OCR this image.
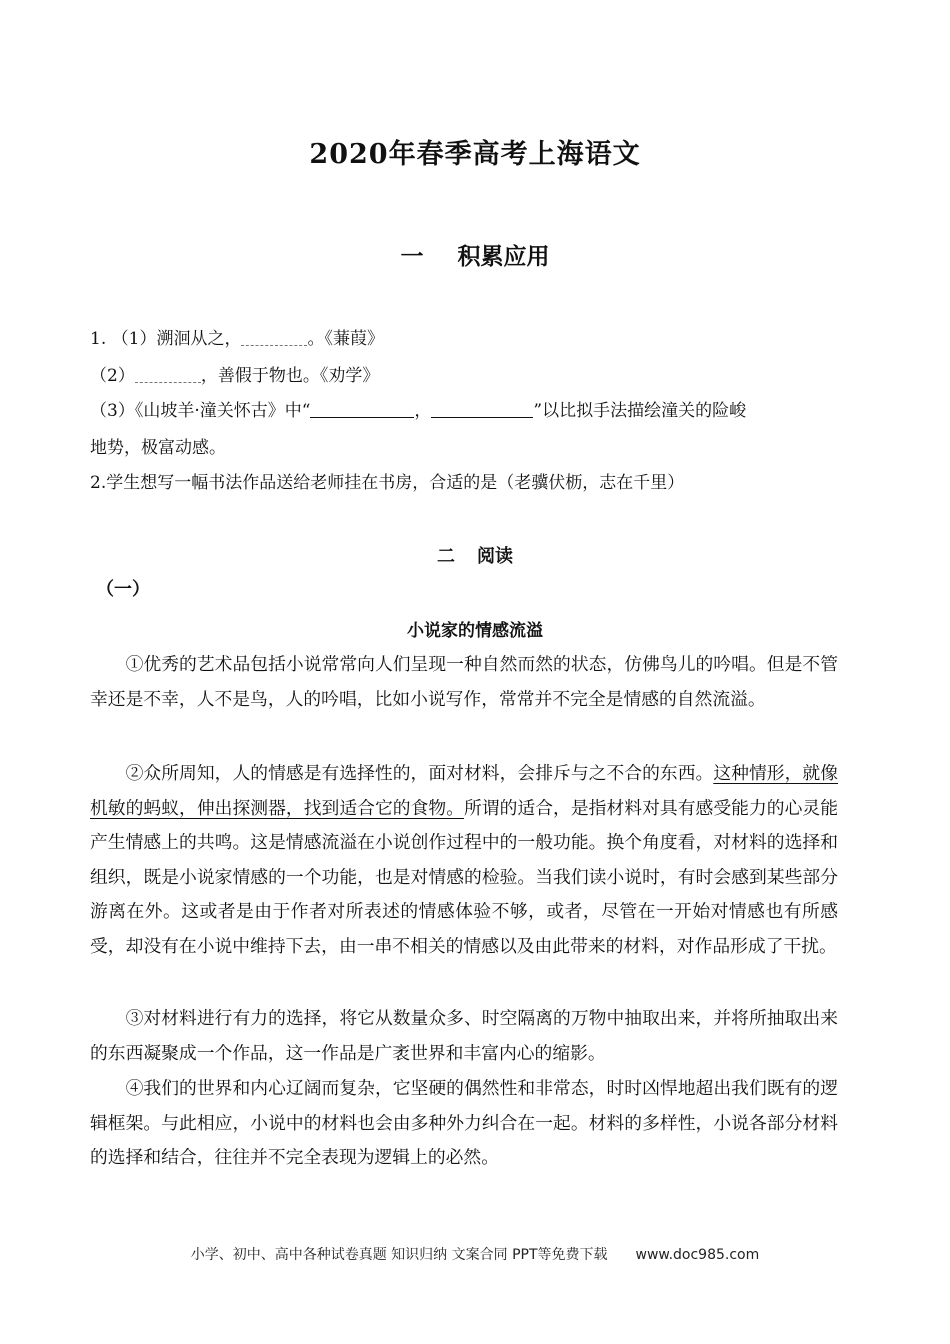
2020年春季高考上海语文
一 积累应用
1. （1）溯洄从之，	。《蒹葭》
（2）	，善假于物也。《劝学》
（3）《山坡羊·潼关怀古》中“	，	”以比拟手法描绘潼关的险峻
地势，极富动感。
2.学生想写一幅书法作品送给老师挂在书房，合适的是（老骥伏枥，志在千里）
二 阅读
（一）
小说家的情感流溢
①优秀的艺术品包括小说常常向人们呈现一种自然而然的状态，仿佛鸟儿的吟唱。但是不管幸还是不幸，人不是鸟，人的吟唱，比如小说写作，常常并不完全是情感的自然流溢。
②众所周知，人的情感是有选择性的，面对材料，会排斥与之不合的东西。这种情形，就像机敏的蚂蚁，伸出探测器，找到适合它的食物。所谓的适合，是指材料对具有感受能力的心灵能产生情感上的共鸣。这是情感流溢在小说创作过程中的一般功能。换个角度看，对材料的选择和组织，既是小说家情感的一个功能，也是对情感的检验。当我们读小说时，有时会感到某些部分游离在外。这或者是由于作者对所表述的情感体验不够，或者，尽管在一开始对情感也有所感受，却没有在小说中维持下去，由一串不相关的情感以及由此带来的材料，对作品形成了干扰。
③对材料进行有力的选择，将它从数量众多、时空隔离的万物中抽取出来，并将所抽取出来的东西凝聚成一个作品，这一作品是广袤世界和丰富内心的缩影。
④我们的世界和内心辽阔而复杂，它坚硬的偶然性和非常态，时时凶悍地超出我们既有的逻辑框架。与此相应，小说中的材料也会由多种外力纠合在一起。材料的多样性，小说各部分材料的选择和结合，往往并不完全表现为逻辑上的必然。
小学、初中、高中各种试卷真题 知识归纳 文案合同 PPT等免费下载 www.doc985.com
